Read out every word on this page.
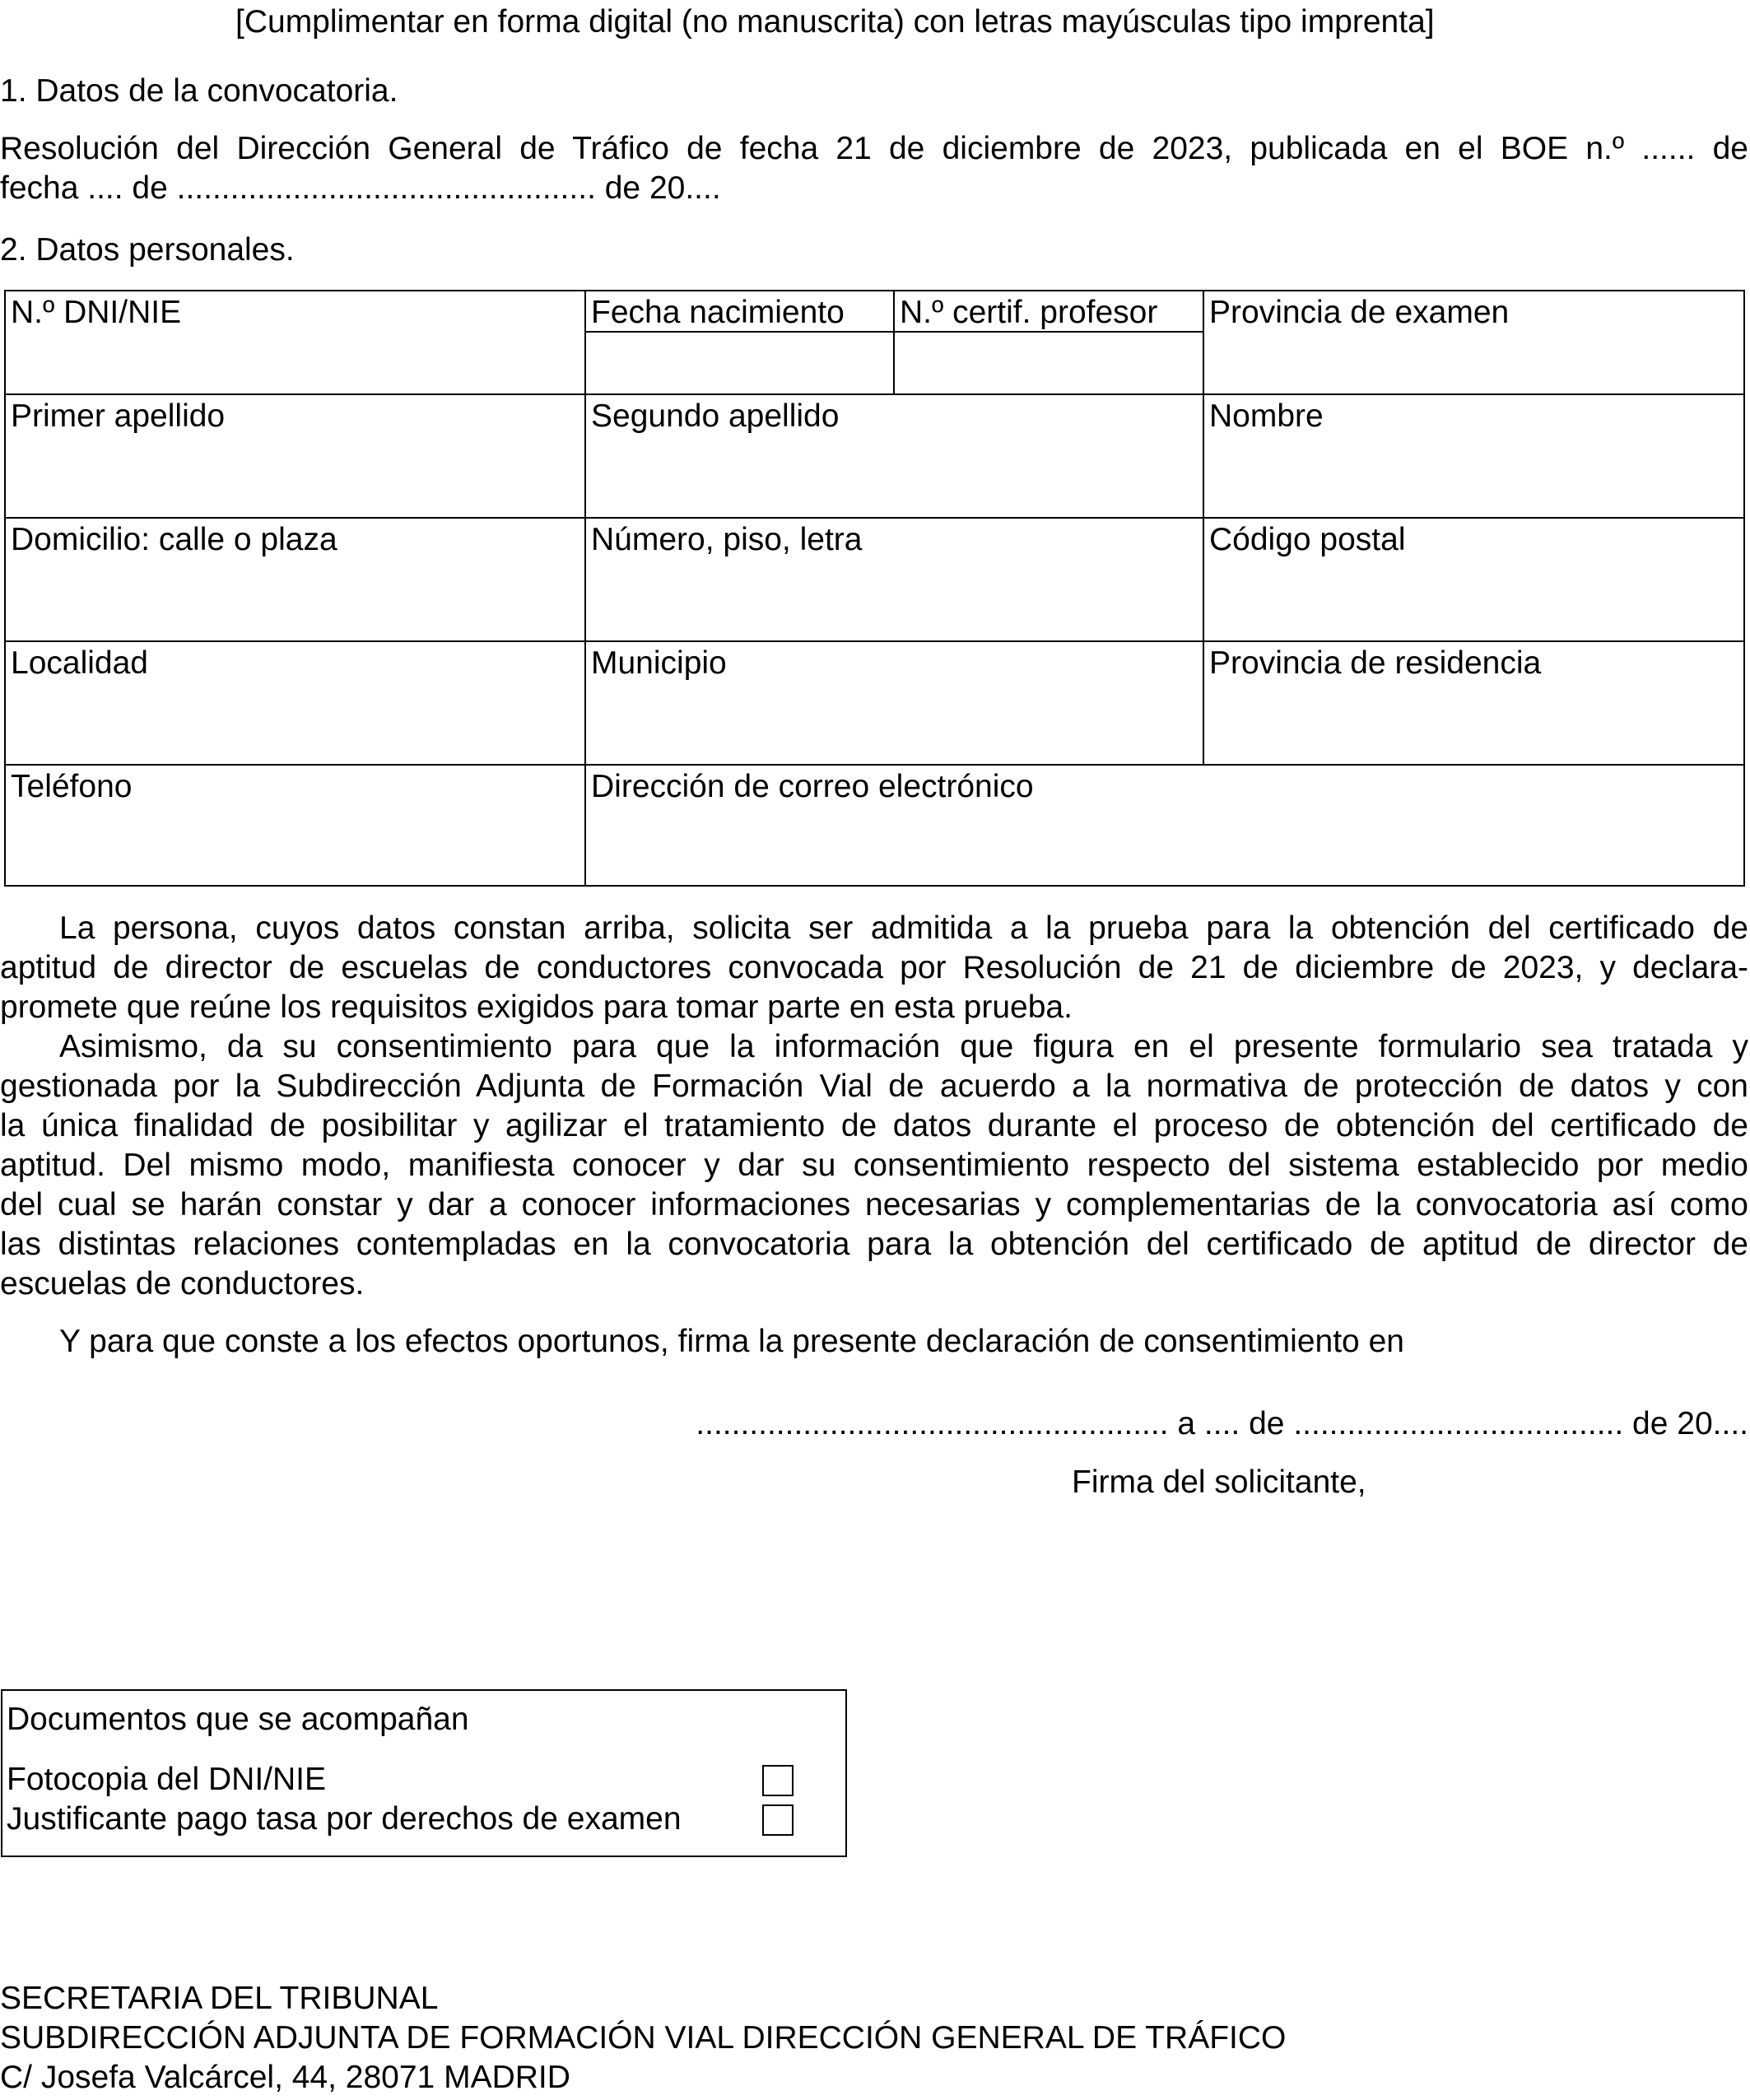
[Cumplimentar en forma digital (no manuscrita) con letras mayúsculas tipo imprenta]
1. Datos de la convocatoria.
Resolución del Dirección General de Tráfico de fecha 21 de diciembre de 2023, publicada en el BOE n.º ...... de
fecha .... de ............................................... de 20....
2. Datos personales.
N.º DNI/NIE	Fecha nacimiento	N.º certif. profesor	Provincia de examen
Primer apellido	Segundo apellido	Nombre
Domicilio: calle o plaza	Número, piso, letra	Código postal
Localidad	Municipio	Provincia de residencia
Teléfono	Dirección de correo electrónico
La persona, cuyos datos constan arriba, solicita ser admitida a la prueba para la obtención del certificado de
aptitud de director de escuelas de conductores convocada por Resolución de 21 de diciembre de 2023, y declara-
promete que reúne los requisitos exigidos para tomar parte en esta prueba.
Asimismo, da su consentimiento para que la información que figura en el presente formulario sea tratada y
gestionada por la Subdirección Adjunta de Formación Vial de acuerdo a la normativa de protección de datos y con
la única finalidad de posibilitar y agilizar el tratamiento de datos durante el proceso de obtención del certificado de
aptitud. Del mismo modo, manifiesta conocer y dar su consentimiento respecto del sistema establecido por medio
del cual se harán constar y dar a conocer informaciones necesarias y complementarias de la convocatoria así como
las distintas relaciones contempladas en la convocatoria para la obtención del certificado de aptitud de director de
escuelas de conductores.
Y para que conste a los efectos oportunos, firma la presente declaración de consentimiento en
..................................................... a .... de ..................................... de 20....
Firma del solicitante,
Documentos que se acompañan
Fotocopia del DNI/NIE
Justificante pago tasa por derechos de examen
SECRETARIA DEL TRIBUNAL
SUBDIRECCIÓN ADJUNTA DE FORMACIÓN VIAL DIRECCIÓN GENERAL DE TRÁFICO
C/ Josefa Valcárcel, 44, 28071 MADRID
